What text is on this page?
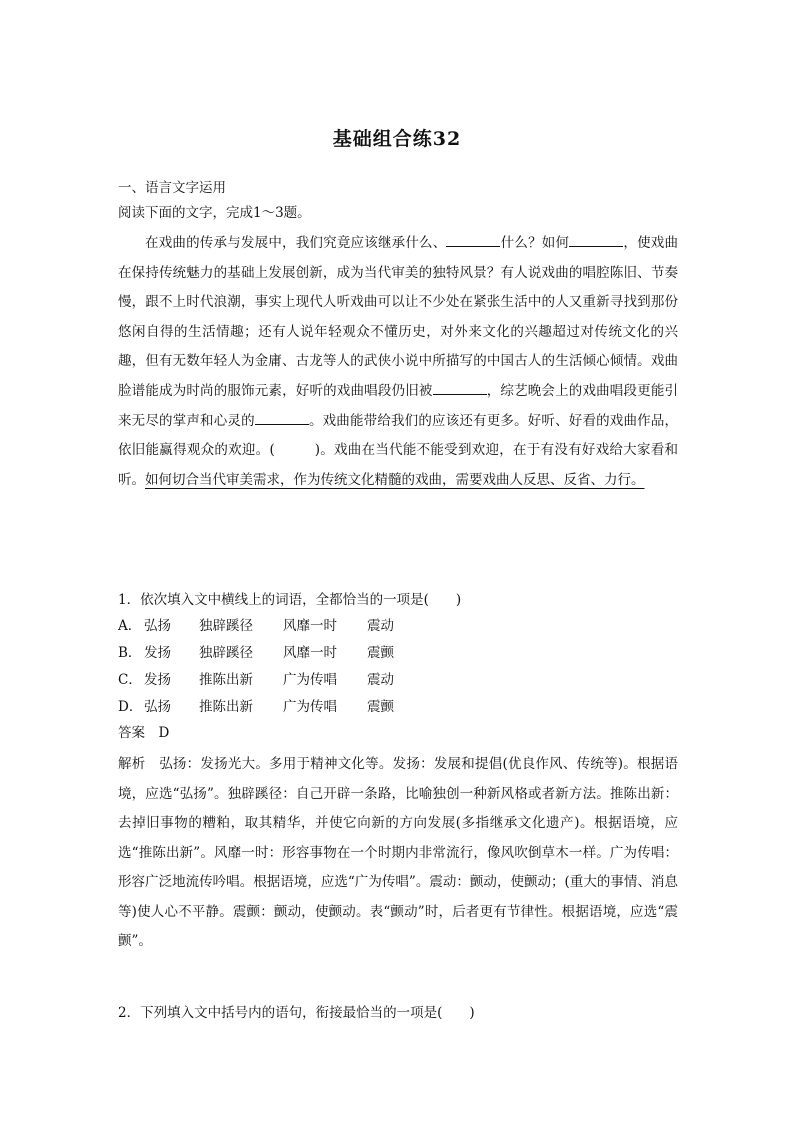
基础组合练32
一、语言文字运用
阅读下面的文字，完成1～3题。
在戏曲的传承与发展中，我们究竟应该继承什么、	什么？如何	，使戏曲在保持传统魅力的基础上发展创新，成为当代审美的独特风景？有人说戏曲的唱腔陈旧、节奏慢，跟不上时代浪潮，事实上现代人听戏曲可以让不少处在紧张生活中的人又重新寻找到那份悠闲自得的生活情趣；还有人说年轻观众不懂历史，对外来文化的兴趣超过对传统文化的兴趣，但有无数年轻人为金庸、古龙等人的武侠小说中所描写的中国古人的生活倾心倾情。戏曲脸谱能成为时尚的服饰元素，好听的戏曲唱段仍旧被	，综艺晚会上的戏曲唱段更能引来无尽的掌声和心灵的	。戏曲能带给我们的应该还有更多。好听、好看的戏曲作品，依旧能赢得观众的欢迎。(	)。戏曲在当代能不能受到欢迎，在于有没有好戏给大家看和听。如何切合当代审美需求，作为传统文化精髓的戏曲，需要戏曲人反思、反省、力行。
1．依次填入文中横线上的词语，全都恰当的一项是(　　)
A． 弘扬 独辟蹊径 风靡一时 震动
B． 发扬 独辟蹊径 风靡一时 震颤
C． 发扬 推陈出新 广为传唱 震动
D． 弘扬 推陈出新 广为传唱 震颤
答案　 D
解析　 弘扬：发扬光大。多用于精神文化等。发扬：发展和提倡(优良作风、传统等)。根据语境，应选“弘扬”。独辟蹊径：自己开辟一条路，比喻独创一种新风格或者新方法。推陈出新：去掉旧事物的糟粕，取其精华，并使它向新的方向发展(多指继承文化遗产)。根据语境，应选“推陈出新”。风靡一时：形容事物在一个时期内非常流行，像风吹倒草木一样。广为传唱：形容广泛地流传吟唱。根据语境，应选“广为传唱”。震动：颤动，使颤动；(重大的事情、消息等)使人心不平静。震颤：颤动，使颤动。表“颤动”时，后者更有节律性。根据语境，应选“震颤”。
2．下列填入文中括号内的语句，衔接最恰当的一项是(　　)
